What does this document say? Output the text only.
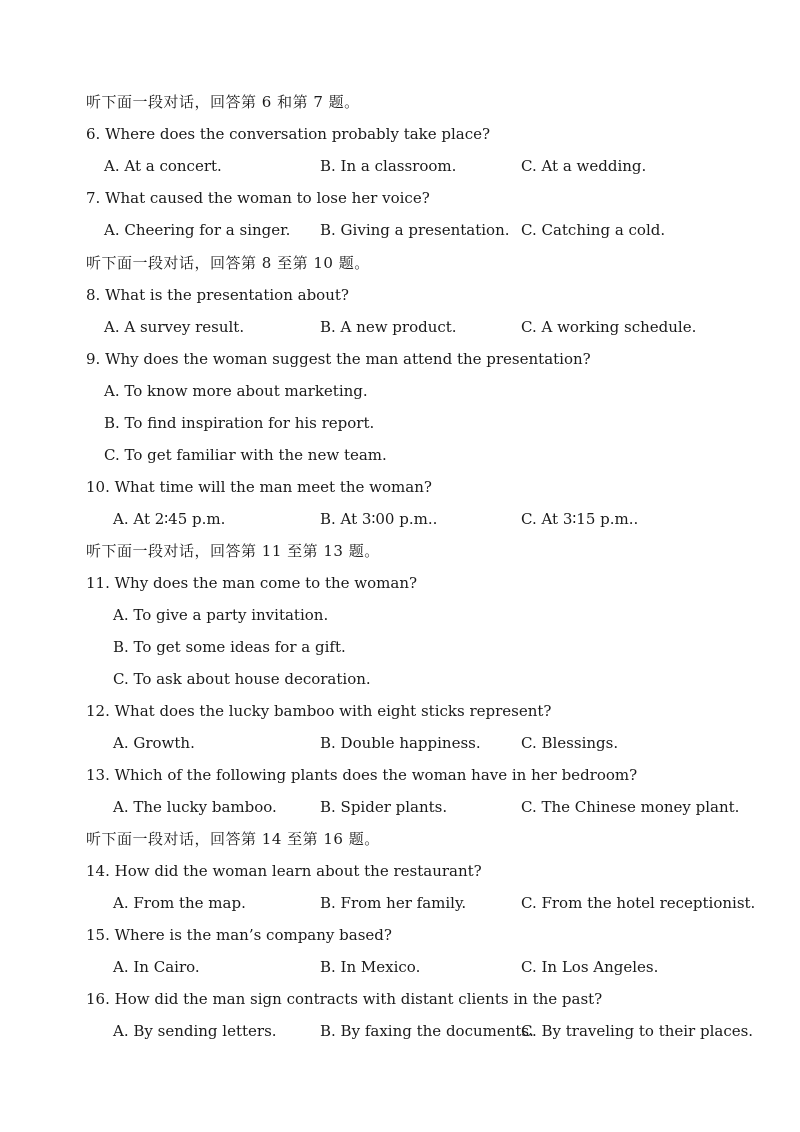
听下面一段对话，回答第 6 和第 7 题。
6. Where does the conversation probably take place?
A. At a concert.	B. In a classroom.	C. At a wedding.
7. What caused the woman to lose her voice?
A. Cheering for a singer. B. Giving a presentation. C. Catching a cold.
听下面一段对话，回答第 8 至第 10 题。
8. What is the presentation about?
A. A survey result.	B. A new product.	C. A working schedule.
9. Why does the woman suggest the man attend the presentation?
A. To know more about marketing.
B. To find inspiration for his report.
C. To get familiar with the new team.
10. What time will the man meet the woman?
A. At 2∶45 p.m.	B. At 3∶00 p.m..	C. At 3∶15 p.m..
听下面一段对话，回答第 11 至第 13 题。
11. Why does the man come to the woman?
A. To give a party invitation.
B. To get some ideas for a gift.
C. To ask about house decoration.
12. What does the lucky bamboo with eight sticks represent?
A. Growth.	B. Double happiness.	C. Blessings.
13. Which of the following plants does the woman have in her bedroom?
A. The lucky bamboo.	B. Spider plants.	C. The Chinese money plant.
听下面一段对话，回答第 14 至第 16 题。
14. How did the woman learn about the restaurant?
A. From the map.	B. From her family.	C. From the hotel receptionist.
15. Where is the man’s company based?
A. In Cairo.	B. In Mexico.	C. In Los Angeles.
16. How did the man sign contracts with distant clients in the past?
A. By sending letters.	B. By faxing the documents.
C. By traveling to their places.
